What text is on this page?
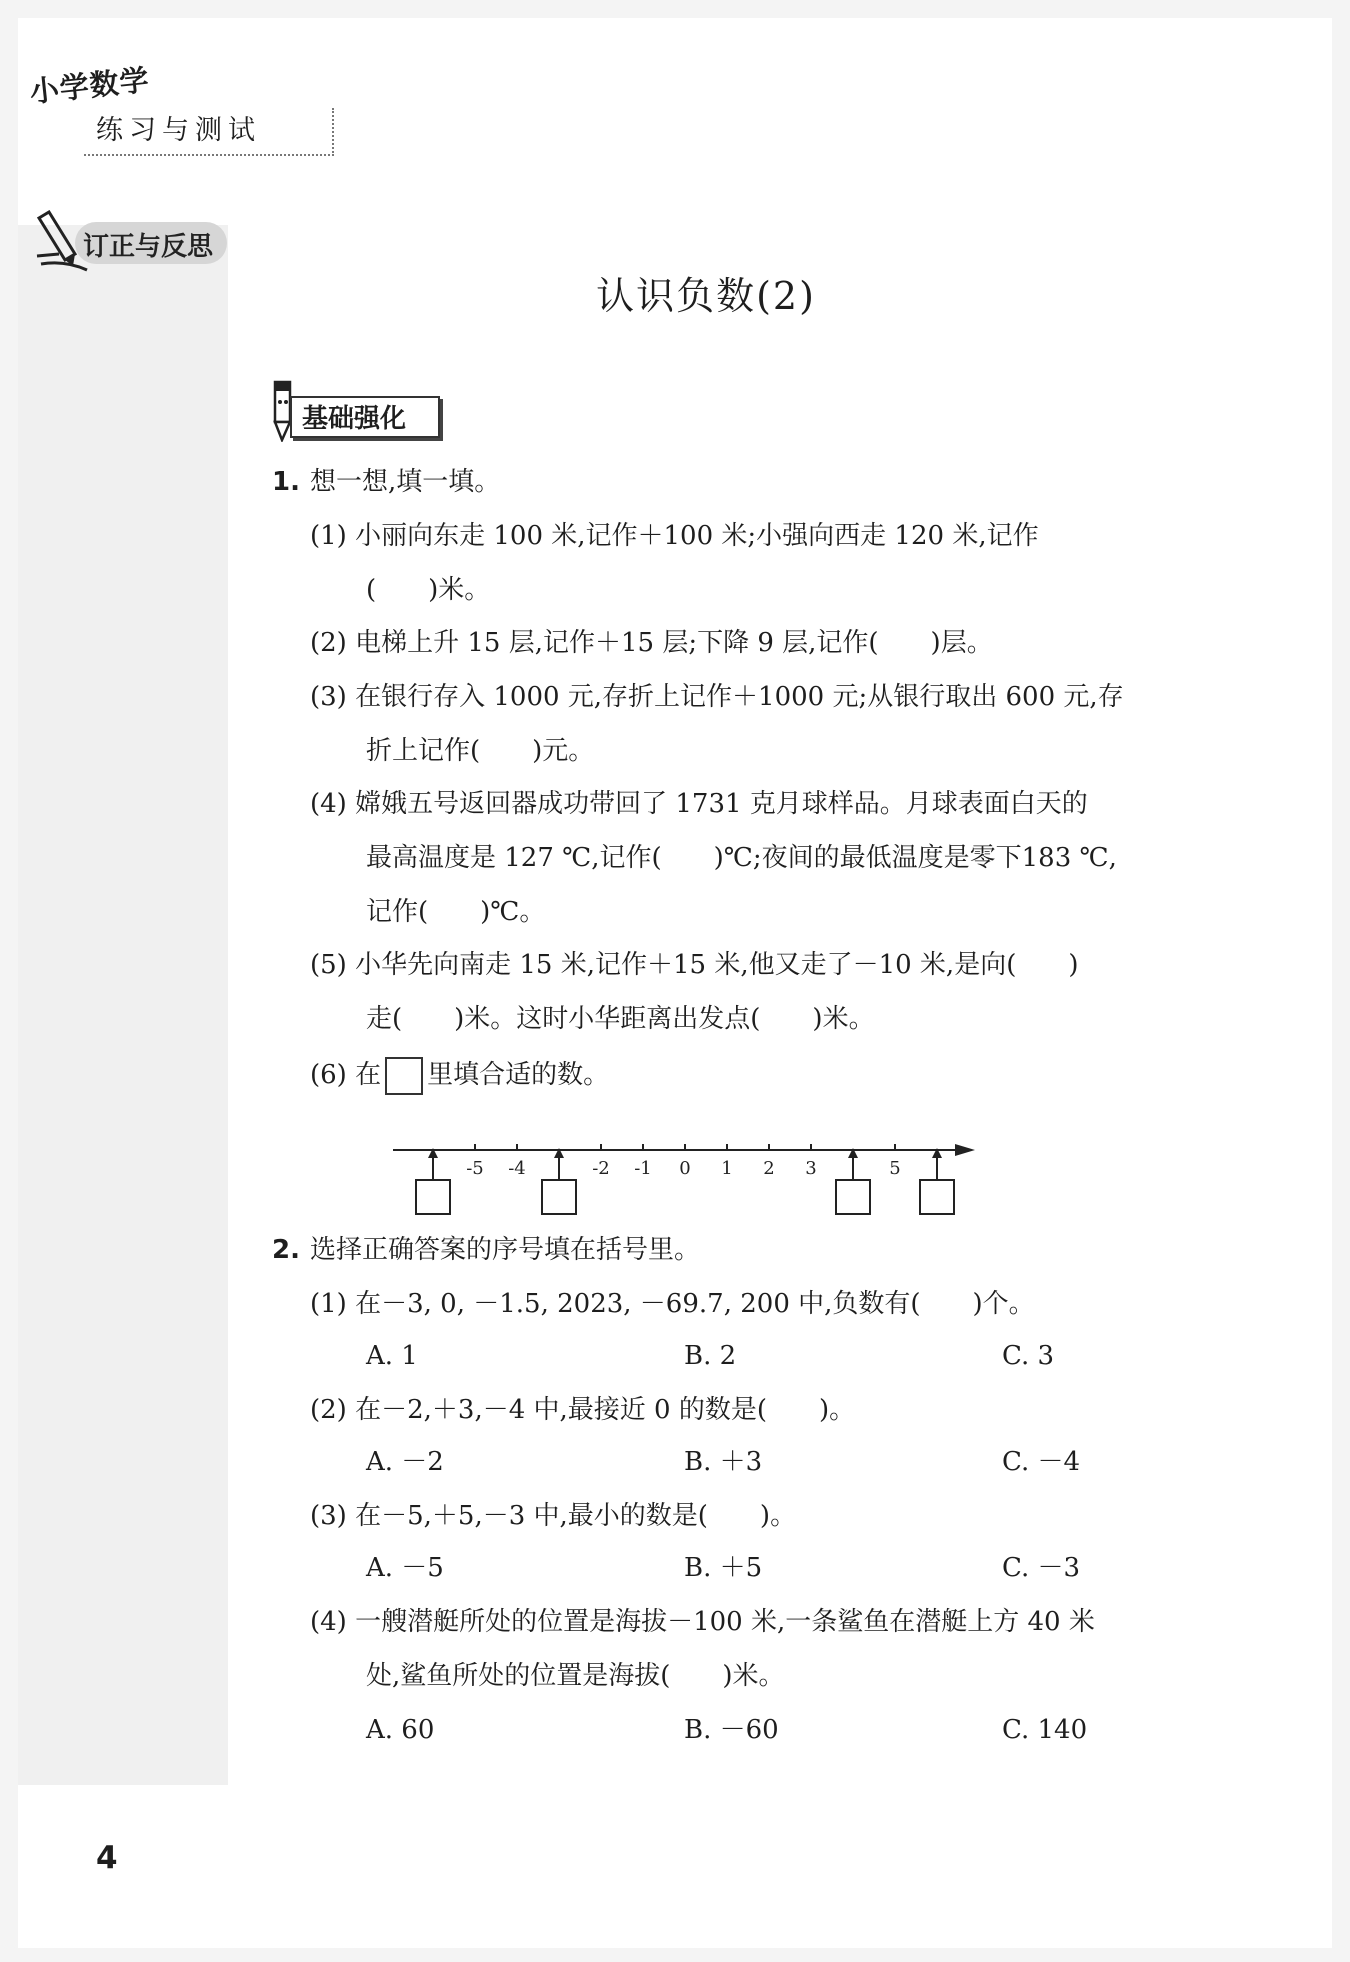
小学数学
练习与测试
订正与反思
认识负数(2)
基础强化
1. 想一想,填一填。
(1) 小丽向东走 100 米,记作＋100 米;小强向西走 120 米,记作
(　　)米。
(2) 电梯上升 15 层,记作＋15 层;下降 9 层,记作(　　)层。
(3) 在银行存入 1000 元,存折上记作＋1000 元;从银行取出 600 元,存
折上记作(　　)元。
(4) 嫦娥五号返回器成功带回了 1731 克月球样品。月球表面白天的
最高温度是 127 ℃,记作(　　)℃;夜间的最低温度是零下183 ℃,
记作(　　)℃。
(5) 小华先向南走 15 米,记作＋15 米,他又走了－10 米,是向(　　)
走(　　)米。这时小华距离出发点(　　)米。
(6) 在 里填合适的数。
-5 -4	-2 -1 0 1 2 3	5
2. 选择正确答案的序号填在括号里。
(1) 在－3, 0, －1.5, 2023, －69.7, 200 中,负数有(　　)个。
A. 1	B. 2	C. 3
(2) 在－2,＋3,－4 中,最接近 0 的数是(　　)。
A. －2	B. ＋3	C. －4
(3) 在－5,＋5,－3 中,最小的数是(　　)。
A. －5	B. ＋5	C. －3
(4) 一艘潜艇所处的位置是海拔－100 米,一条鲨鱼在潜艇上方 40 米
处,鲨鱼所处的位置是海拔(　　)米。
A. 60	B. －60	C. 140
4
